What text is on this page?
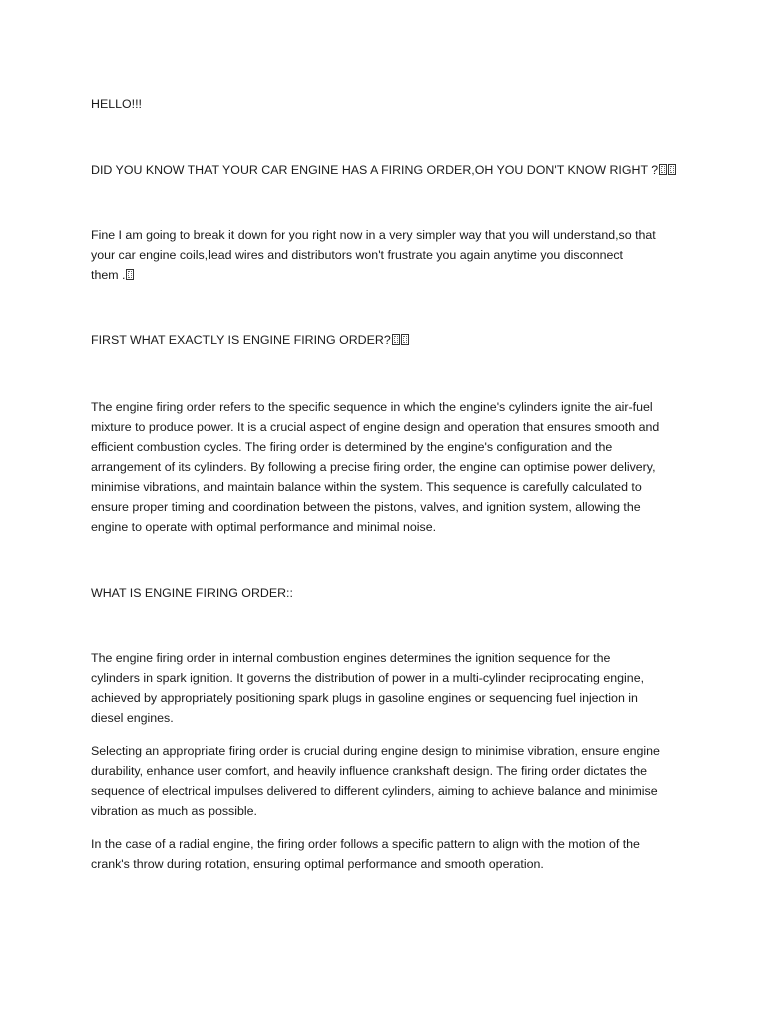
HELLO!!!

DID YOU KNOW THAT YOUR CAR ENGINE HAS A FIRING ORDER,OH YOU DON'T KNOW RIGHT ?

Fine I am going to break it down for you right now in a very simpler way that you will understand,so that
your car engine coils,lead wires and distributors won't frustrate you again anytime you disconnect
them .

FIRST WHAT EXACTLY IS ENGINE FIRING ORDER?

The engine firing order refers to the specific sequence in which the engine's cylinders ignite the air-fuel
mixture to produce power. It is a crucial aspect of engine design and operation that ensures smooth and
efficient combustion cycles. The firing order is determined by the engine's configuration and the
arrangement of its cylinders. By following a precise firing order, the engine can optimise power delivery,
minimise vibrations, and maintain balance within the system. This sequence is carefully calculated to
ensure proper timing and coordination between the pistons, valves, and ignition system, allowing the
engine to operate with optimal performance and minimal noise.

WHAT IS ENGINE FIRING ORDER::

The engine firing order in internal combustion engines determines the ignition sequence for the
cylinders in spark ignition. It governs the distribution of power in a multi-cylinder reciprocating engine,
achieved by appropriately positioning spark plugs in gasoline engines or sequencing fuel injection in
diesel engines.
Selecting an appropriate firing order is crucial during engine design to minimise vibration, ensure engine
durability, enhance user comfort, and heavily influence crankshaft design. The firing order dictates the
sequence of electrical impulses delivered to different cylinders, aiming to achieve balance and minimise
vibration as much as possible.
In the case of a radial engine, the firing order follows a specific pattern to align with the motion of the
crank's throw during rotation, ensuring optimal performance and smooth operation.
